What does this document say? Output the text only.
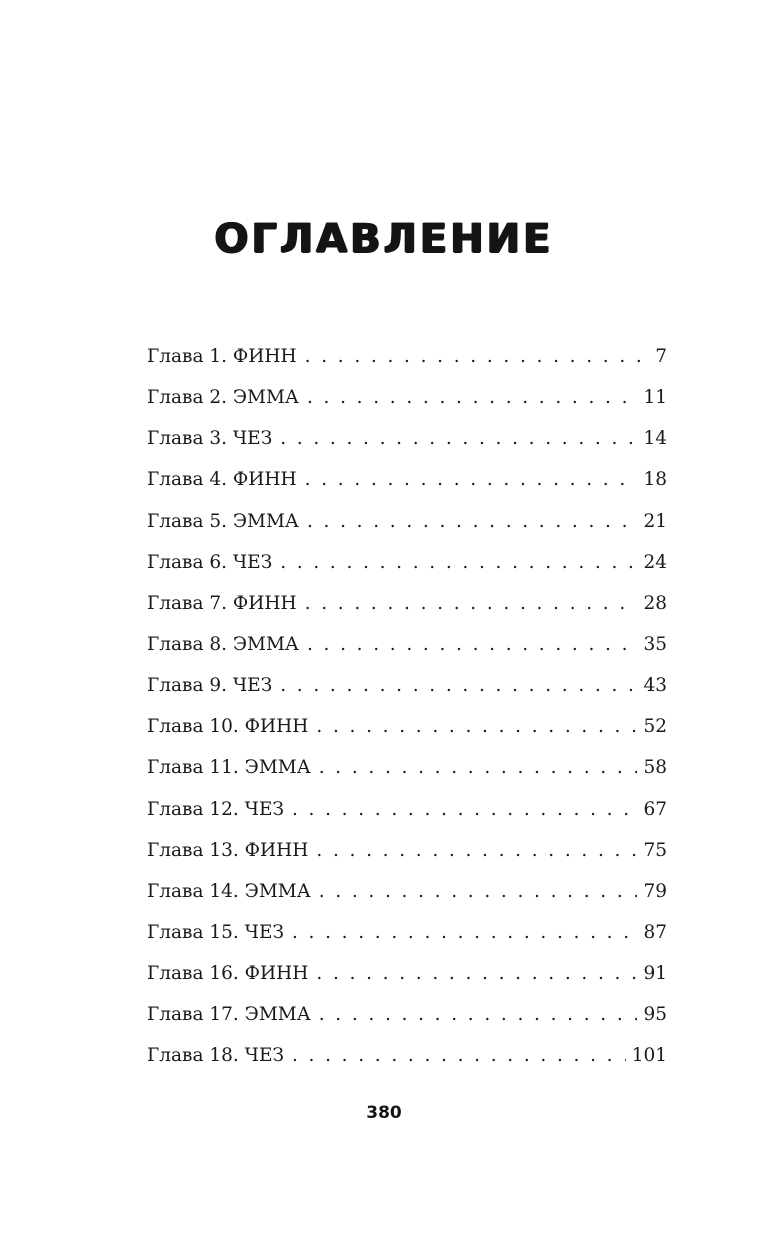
ОГЛАВЛЕНИЕ
Глава 1. ФИНН . . .	7
Глава 2. ЭММА . . .	11
Глава 3. ЧЕЗ . . .	14
Глава 4. ФИНН . . .	18
Глава 5. ЭММА . . .	21
Глава 6. ЧЕЗ . . .	24
Глава 7. ФИНН . . .	28
Глава 8. ЭММА . . .	35
Глава 9. ЧЕЗ . . .	43
Глава 10. ФИНН . . .	52
Глава 11. ЭММА . . .	58
Глава 12. ЧЕЗ . . .	67
Глава 13. ФИНН . . .	75
Глава 14. ЭММА . . .	79
Глава 15. ЧЕЗ . . .	87
Глава 16. ФИНН . . .	91
Глава 17. ЭММА . . .	95
Глава 18. ЧЕЗ . . .	101
380
